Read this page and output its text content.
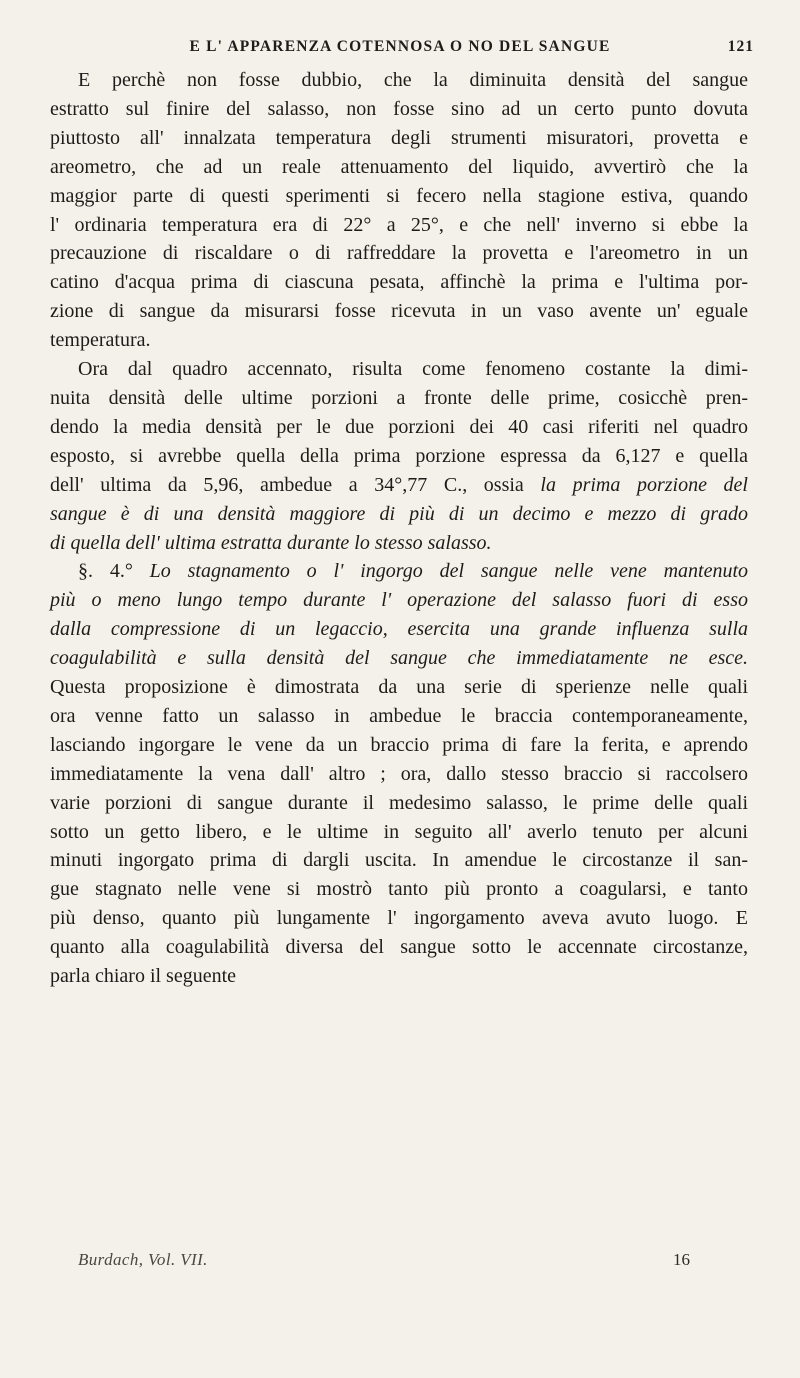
E L' APPARENZA COTENNOSA O NO DEL SANGUE	121
E perchè non fosse dubbio, che la diminuita densità del sangue
estratto sul finire del salasso, non fosse sino ad un certo punto dovuta
piuttosto all' innalzata temperatura degli strumenti misuratori, provetta e
areometro, che ad un reale attenuamento del liquido, avvertirò che la
maggior parte di questi sperimenti si fecero nella stagione estiva, quando
l' ordinaria temperatura era di 22° a 25°, e che nell' inverno si ebbe la
precauzione di riscaldare o di raffreddare la provetta e l'areometro in un
catino d'acqua prima di ciascuna pesata, affinchè la prima e l'ultima por-
zione di sangue da misurarsi fosse ricevuta in un vaso avente un' eguale
temperatura.
Ora dal quadro accennato, risulta come fenomeno costante la dimi-
nuita densità delle ultime porzioni a fronte delle prime, cosicchè pren-
dendo la media densità per le due porzioni dei 40 casi riferiti nel quadro
esposto, si avrebbe quella della prima porzione espressa da 6,127 e quella
dell' ultima da 5,96, ambedue a 34°,77 C., ossia la prima porzione del
sangue è di una densità maggiore di più di un decimo e mezzo di grado
di quella dell' ultima estratta durante lo stesso salasso.
§. 4.° Lo stagnamento o l' ingorgo del sangue nelle vene mantenuto
più o meno lungo tempo durante l' operazione del salasso fuori di esso
dalla compressione di un legaccio, esercita una grande influenza sulla
coagulabilità e sulla densità del sangue che immediatamente ne esce.
Questa proposizione è dimostrata da una serie di sperienze nelle quali
ora venne fatto un salasso in ambedue le braccia contemporaneamente,
lasciando ingorgare le vene da un braccio prima di fare la ferita, e aprendo
immediatamente la vena dall' altro ; ora, dallo stesso braccio si raccolsero
varie porzioni di sangue durante il medesimo salasso, le prime delle quali
sotto un getto libero, e le ultime in seguito all' averlo tenuto per alcuni
minuti ingorgato prima di dargli uscita. In amendue le circostanze il san-
gue stagnato nelle vene si mostrò tanto più pronto a coagularsi, e tanto
più denso, quanto più lungamente l' ingorgamento aveva avuto luogo. E
quanto alla coagulabilità diversa del sangue sotto le accennate circostanze,
parla chiaro il seguente
Burdach, Vol. VII.	16
